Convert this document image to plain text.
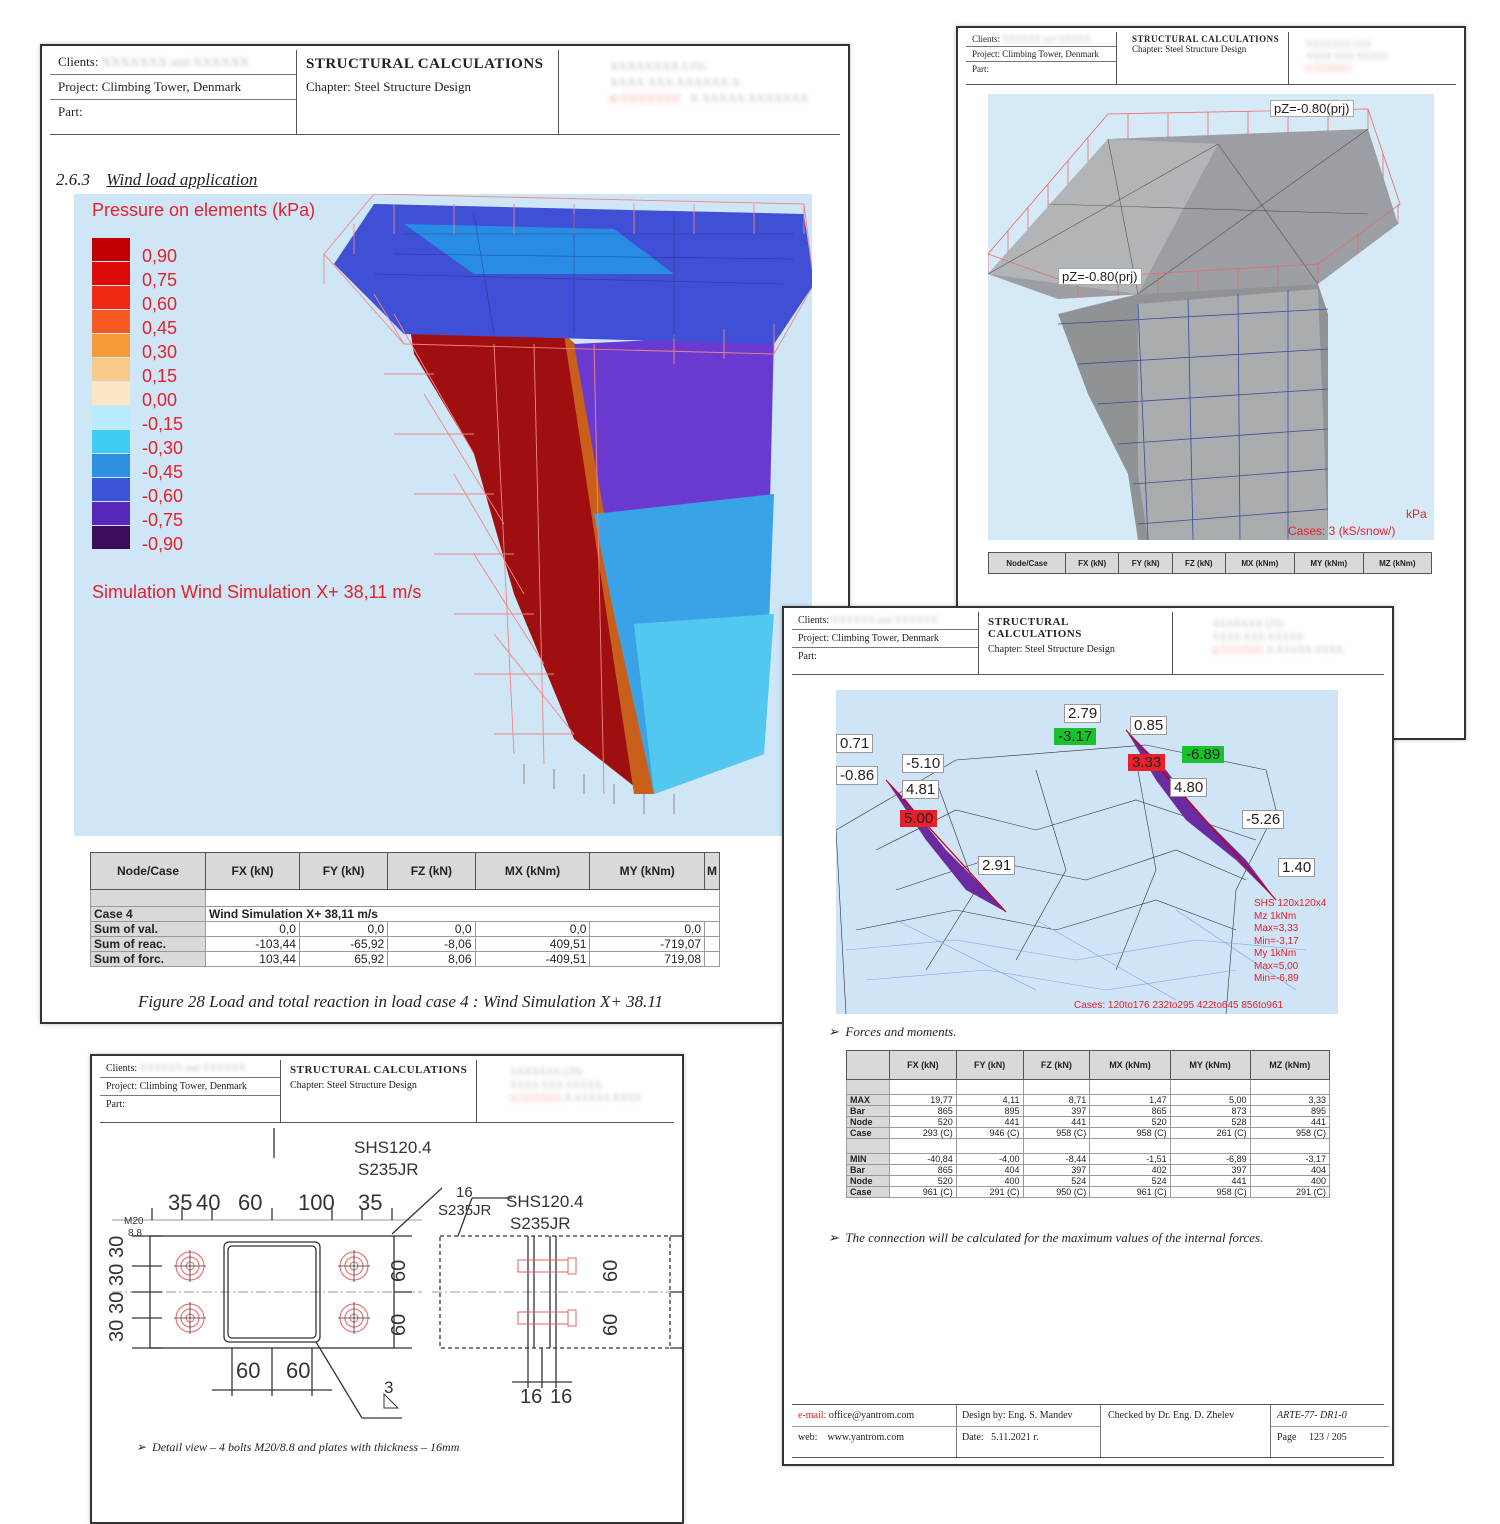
Clients: XXXXXX and XXXXX
Project: Climbing Tower, Denmark
Part:
STRUCTURAL CALCULATIONS
Chapter: Steel Structure Design	XXXXXXX LTD.
XXXX XXX XXXXX
● XXXXXX
pZ=-0.80(prj)
pZ=-0.80(prj)
kPa
Cases: 3 (kS/snow/)
Node/Case	FX (kN)	FY (kN)	FZ (kN)	MX (kNm)	MY (kNm)	MZ (kNm)
Clients: XXXXXXX and XXXXXX
Project: Climbing Tower, Denmark
Part:
STRUCTURAL CALCULATIONS
Chapter: Steel Structure Design
XXXXXXXX LTD.
XXXX XXX XXXXXX X
● XXXXXXX   X XXXXX XXXXXXX
2.6.3 Wind load application
Pressure on elements (kPa)
0,90
0,75
0,60
0,45
0,30
0,15
0,00
-0,15
-0,30
-0,45
-0,60
-0,75
-0,90
Simulation Wind Simulation X+ 38,11 m/s
Node/Case	FX (kN)	FY (kN)	FZ (kN)	MX (kNm)	MY (kNm)	M

Case 4	Wind Simulation X+ 38,11 m/s					
Sum of val.	0,0	0,0	0,0	0,0	0,0	
Sum of reac.	-103,44	-65,92	-8,06	409,51	-719,07	
Sum of forc.	103,44	65,92	8,06	-409,51	719,08	
Figure 28 Load and total reaction in load case 4 : Wind Simulation X+ 38.11
Clients: XXXXXX and XXXXXX
Project: Climbing Tower, Denmark
Part:
STRUCTURAL CALCULATIONS
Chapter: Steel Structure Design
XXXXXXX LTD.
XXXX XXX XXXXX
● XXXXXX X XXXXX XXXX
2.79
0.85
0.71
-5.10
-0.86
4.81	4.80
-5.26
2.91	1.40
-3.17
-6.89
3.33
5.00
SHS 120x120x4
Mz 1kNm
Max=3,33
Min=-3,17
My 1kNm
Max=5,00
Min=-6,89
Cases: 120to176 232to295 422to645 856to961
➢ Forces and moments.
	FX (kN)	FY (kN)	FZ (kN)	MX (kNm)	MY (kNm)	MZ (kNm)

MAX	19,77	4,11	8,71	1,47	5,00	3,33
Bar	865	895	397	865	873	895
Node	520	441	441	520	528	441
Case	293 (C)	946 (C)	958 (C)	958 (C)	261 (C)	958 (C)

MIN	-40,84	-4,00	-8,44	-1,51	-6,89	-3,17
Bar	865	404	397	402	397	404
Node	520	400	524	524	441	400
Case	961 (C)	291 (C)	950 (C)	961 (C)	958 (C)	291 (C)
➢ The connection will be calculated for the maximum values of the internal forces.
e-mail: office@yantrom.com
web: www.yantrom.com
Design by: Eng. S. Mandev
Date: 5.11.2021 г.
Checked by Dr. Eng. D. Zhelev	ARTE-77- DR1-0
Page 123 / 205
Clients: XXXXXX and XXXXXX
Project: Climbing Tower, Denmark
Part:
STRUCTURAL CALCULATIONS
Chapter: Steel Structure Design
XXXXXXX LTD.
XXXX XXX XXXXX
● XXXXXX X XXXXX XXXX
SHS120.4
S235JR
SHS120.4
S235JR
16
S235JR
M20
8.8
3
35 40 60 100 35
30
30
30
30
60
60
60
60
60 60
16 16
➢ Detail view – 4 bolts M20/8.8 and plates with thickness – 16mm
